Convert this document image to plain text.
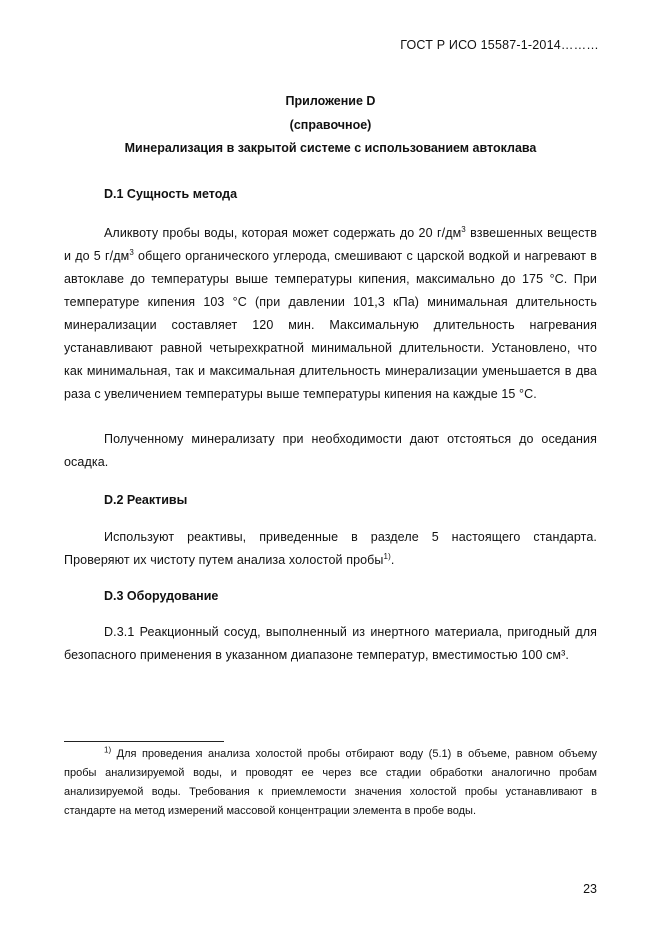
ГОСТ Р ИСО 15587-1-2014………

Приложение D

(справочное)

Минерализация в закрытой системе с использованием автоклава

D.1 Сущность метода

Аликвоту пробы воды, которая может содержать до 20 $г/дм^3$ взвешенных веществ и до 5 $г/дм^3$ общего органического углерода, смешивают с царской водкой и нагревают в автоклаве до температуры выше температуры кипения, максимально до 175 °С. При температуре кипения 103 °С (при давлении 101,3 кПа) минимальная длительность минерализации составляет 120 мин. Максимальную длительность нагревания устанавливают равной четырехкратной минимальной длительности. Установлено, что как минимальная, так и максимальная длительность минерализации уменьшается в два раза с увеличением температуры выше температуры кипения на каждые 15 °С.

Полученному минерализату при необходимости дают отстояться до оседания осадка.

D.2 Реактивы

Используют реактивы, приведенные в разделе 5 настоящего стандарта. Проверяют их чистоту путем анализа холостой пробы$^{1)}$.

D.3 Оборудование

D.3.1 Реакционный сосуд, выполненный из инертного материала, пригодный для безопасного применения в указанном диапазоне температур, вместимостью 100 см³.

$^{1)}$ Для проведения анализа холостой пробы отбирают воду (5.1) в объеме, равном объему пробы анализируемой воды, и проводят ее через все стадии обработки аналогично пробам анализируемой воды. Требования к приемлемости значения холостой пробы устанавливают в стандарте на метод измерений массовой концентрации элемента в пробе воды.

23
